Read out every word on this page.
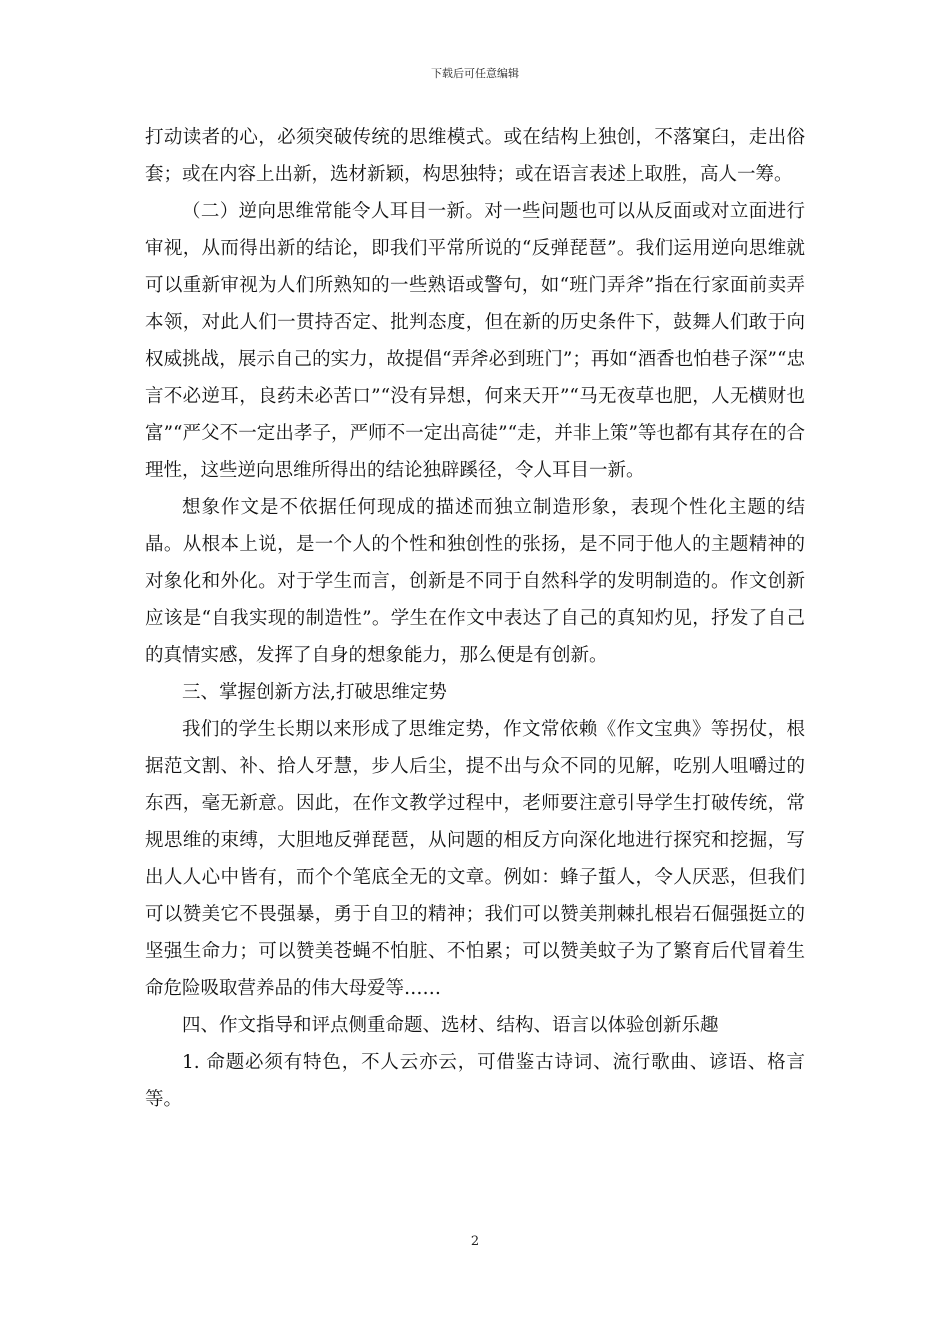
下载后可任意编辑

打动读者的心，必须突破传统的思维模式。或在结构上独创，不落窠臼，走出俗套；或在内容上出新，选材新颖，构思独特；或在语言表述上取胜，高人一筹。

（二）逆向思维常能令人耳目一新。对一些问题也可以从反面或对立面进行审视，从而得出新的结论，即我们平常所说的“反弹琵琶”。我们运用逆向思维就可以重新审视为人们所熟知的一些熟语或警句，如“班门弄斧”指在行家面前卖弄本领，对此人们一贯持否定、批判态度，但在新的历史条件下，鼓舞人们敢于向权威挑战，展示自己的实力，故提倡“弄斧必到班门”；再如“酒香也怕巷子深”“忠言不必逆耳，良药未必苦口”“没有异想，何来天开”“马无夜草也肥，人无横财也富”“严父不一定出孝子，严师不一定出高徒”“走，并非上策”等也都有其存在的合理性，这些逆向思维所得出的结论独辟蹊径，令人耳目一新。

想象作文是不依据任何现成的描述而独立制造形象，表现个性化主题的结晶。从根本上说，是一个人的个性和独创性的张扬，是不同于他人的主题精神的对象化和外化。对于学生而言，创新是不同于自然科学的发明制造的。作文创新应该是“自我实现的制造性”。学生在作文中表达了自己的真知灼见，抒发了自己的真情实感，发挥了自身的想象能力，那么便是有创新。

三、掌握创新方法,打破思维定势

我们的学生长期以来形成了思维定势，作文常依赖《作文宝典》等拐仗，根据范文割、补、拾人牙慧，步人后尘，提不出与众不同的见解，吃别人咀嚼过的东西，毫无新意。因此，在作文教学过程中，老师要注意引导学生打破传统，常规思维的束缚，大胆地反弹琵琶，从问题的相反方向深化地进行探究和挖掘，写出人人心中皆有，而个个笔底全无的文章。例如：蜂子蜇人，令人厌恶，但我们可以赞美它不畏强暴，勇于自卫的精神；我们可以赞美荆棘扎根岩石倔强挺立的坚强生命力；可以赞美苍蝇不怕脏、不怕累；可以赞美蚊子为了繁育后代冒着生命危险吸取营养品的伟大母爱等……

四、作文指导和评点侧重命题、选材、结构、语言以体验创新乐趣

1. 命题必须有特色，不人云亦云，可借鉴古诗词、流行歌曲、谚语、格言等。

2
